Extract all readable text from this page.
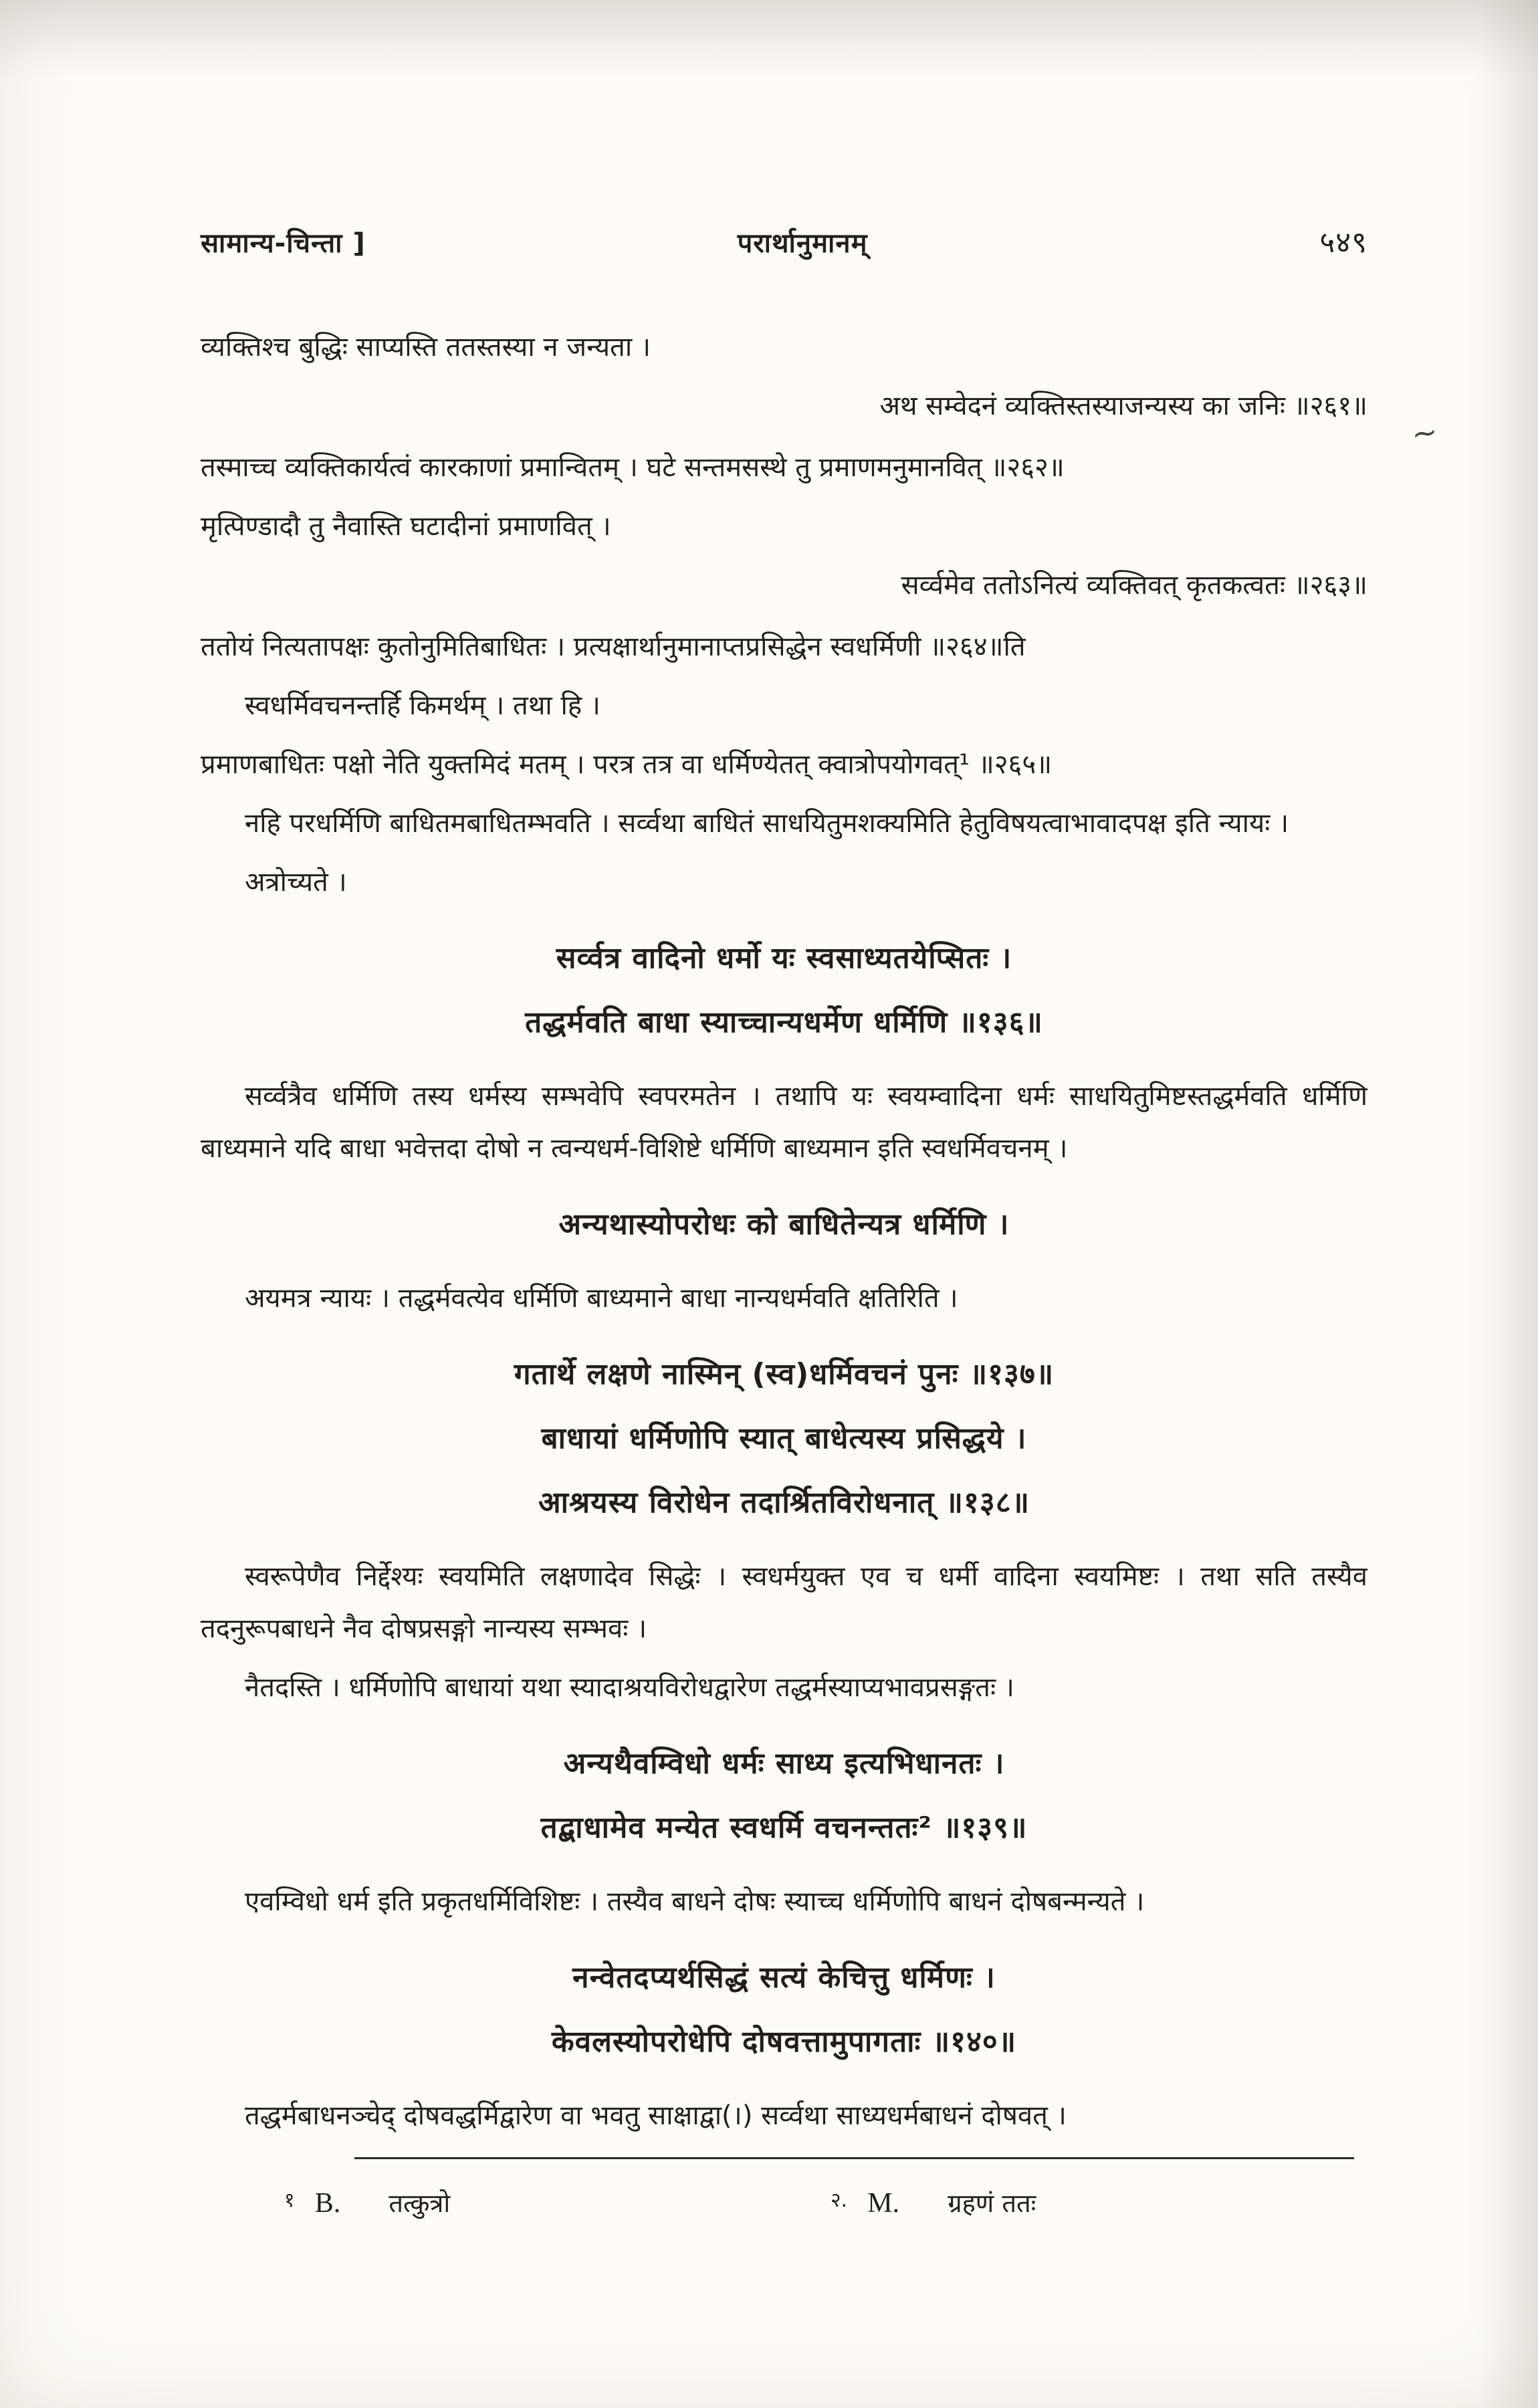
सामान्य-चिन्ता ]	परार्थानुमानम्	५४९
~
व्यक्तिश्च बुद्धिः साप्यस्ति ततस्तस्या न जन्यता ।
अथ सम्वेदनं व्यक्तिस्तस्याजन्यस्य का जनिः ॥२६१॥
तस्माच्च व्यक्तिकार्यत्वं कारकाणां प्रमान्वितम् । घटे सन्तमसस्थे तु प्रमाणमनुमानवित् ॥२६२॥
मृत्पिण्डादौ तु नैवास्ति घटादीनां प्रमाणवित् ।
सर्व्वमेव ततोऽनित्यं व्यक्तिवत् कृतकत्वतः ॥२६३॥
ततोयं नित्यतापक्षः कुतोनुमितिबाधितः । प्रत्यक्षार्थानुमानाप्तप्रसिद्धेन स्वधर्मिणी ॥२६४॥ति
स्वधर्मिवचनन्तर्हि किमर्थम् । तथा हि ।
प्रमाणबाधितः पक्षो नेति युक्तमिदं मतम् । परत्र तत्र वा धर्मिण्येतत् क्वात्रोपयोगवत्¹ ॥२६५॥
नहि परधर्मिणि बाधितमबाधितम्भवति । सर्व्वथा बाधितं साधयितुमशक्यमिति हेतुविषयत्वाभावादपक्ष इति न्यायः ।
अत्रोच्यते ।
सर्व्वत्र वादिनो धर्मो यः स्वसाध्यतयेप्सितः ।
तद्धर्मवति बाधा स्याच्चान्यधर्मेण धर्मिणि ॥१३६॥
सर्व्वत्रैव धर्मिणि तस्य धर्मस्य सम्भवेपि स्वपरमतेन । तथापि यः स्वयम्वादिना धर्मः साधयितुमिष्टस्तद्धर्मवति धर्मिणि बाध्यमाने यदि बाधा भवेत्तदा दोषो न त्वन्यधर्म-विशिष्टे धर्मिणि बाध्यमान इति स्वधर्मिवचनम् ।
अन्यथास्योपरोधः को बाधितेन्यत्र धर्मिणि ।
अयमत्र न्यायः । तद्धर्मवत्येव धर्मिणि बाध्यमाने बाधा नान्यधर्मवति क्षतिरिति ।
गतार्थे लक्षणे नास्मिन् (स्व)धर्मिवचनं पुनः ॥१३७॥
बाधायां धर्मिणोपि स्यात् बाधेत्यस्य प्रसिद्धये ।
आश्रयस्य विरोधेन तदार्श्रितविरोधनात् ॥१३८॥
स्वरूपेणैव निर्द्देश्यः स्वयमिति लक्षणादेव सिद्धेः । स्वधर्मयुक्त एव च धर्मी वादिना स्वयमिष्टः । तथा सति तस्यैव तदनुरूपबाधने नैव दोषप्रसङ्गो नान्यस्य सम्भवः ।
नैतदस्ति । धर्मिणोपि बाधायां यथा स्यादाश्रयविरोधद्वारेण तद्धर्मस्याप्यभावप्रसङ्गतः ।
अन्यथैवम्विधो धर्मः साध्य इत्यभिधानतः ।
तद्बाधामेव मन्येत स्वधर्मि वचनन्ततः² ॥१३९॥
एवम्विधो धर्म इति प्रकृतधर्मिविशिष्टः । तस्यैव बाधने दोषः स्याच्च धर्मिणोपि बाधनं दोषबन्मन्यते ।
नन्वेतदप्यर्थसिद्धं सत्यं केचित्तु धर्मिणः ।
केवलस्योपरोधेपि दोषवत्तामुपागताः ॥१४०॥
तद्धर्मबाधनञ्चेद् दोषवद्धर्मिद्वारेण वा भवतु साक्षाद्वा(।) सर्व्वथा साध्यधर्मबाधनं दोषवत् ।
$^१$ B. तत्कुत्रो	$^{२.}$ M. ग्रहणं ततः
